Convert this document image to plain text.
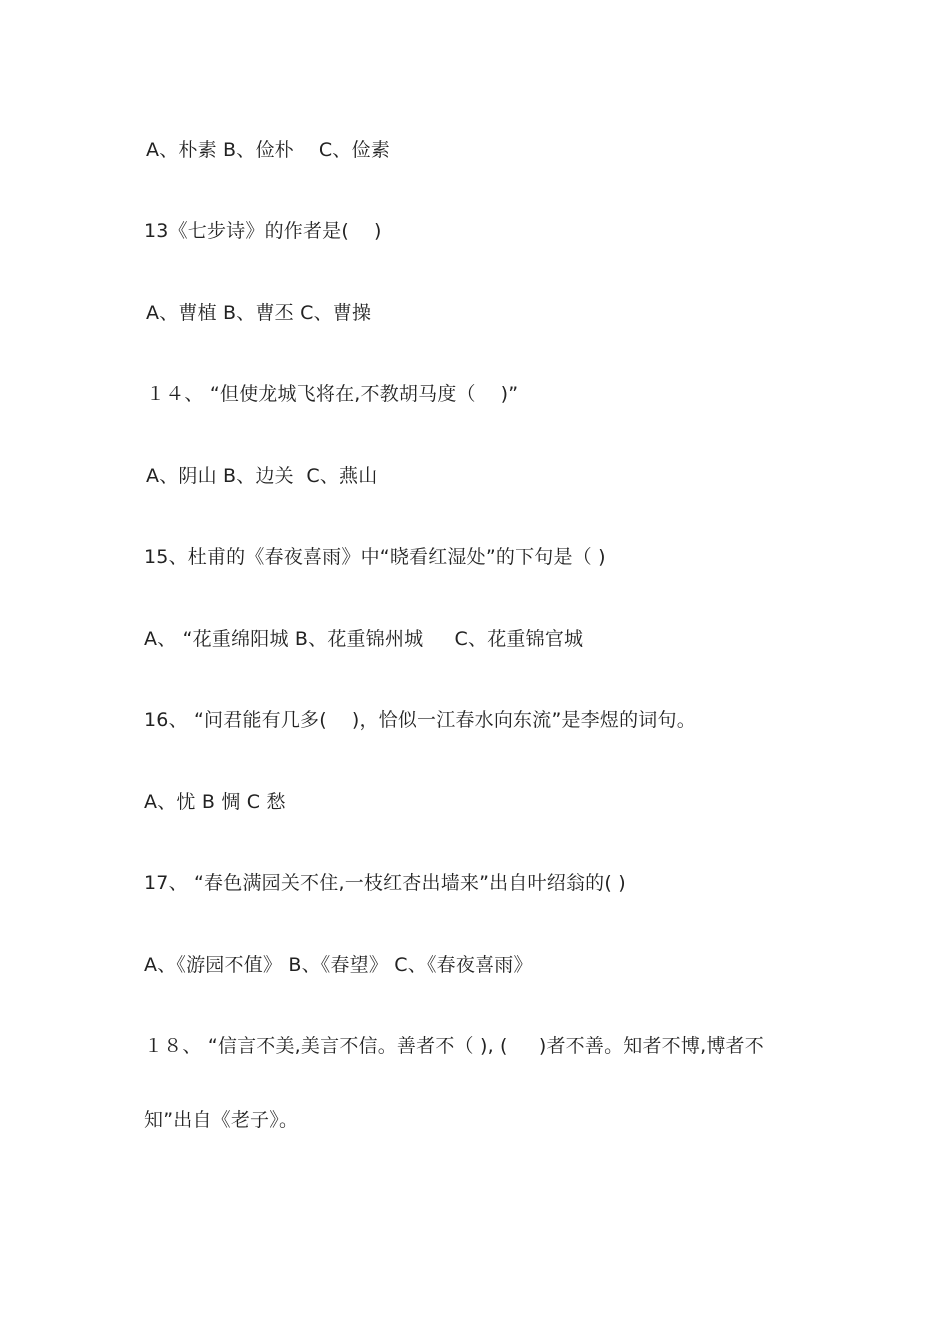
A、朴素 B、俭朴    C、俭素
13《七步诗》的作者是(    )
A、曹植 B、曹丕 C、曹操
１４、 “但使龙城飞将在,不教胡马度（    )”
A、阴山 B、边关  C、燕山
15、杜甫的《春夜喜雨》中“晓看红湿处”的下句是（ )
A、 “花重绵阳城 B、花重锦州城     C、花重锦官城
16、 “问君能有几多(    )，恰似一江春水向东流”是李煜的词句。
A、忧 B 惆 C 愁
17、 “春色满园关不住,一枝红杏出墙来”出自叶绍翁的( )
A、《游园不值》 B、《春望》 C、《春夜喜雨》
１８、 “信言不美,美言不信。善者不（ ), (     )者不善。知者不博,博者不
知”出自《老子》。
